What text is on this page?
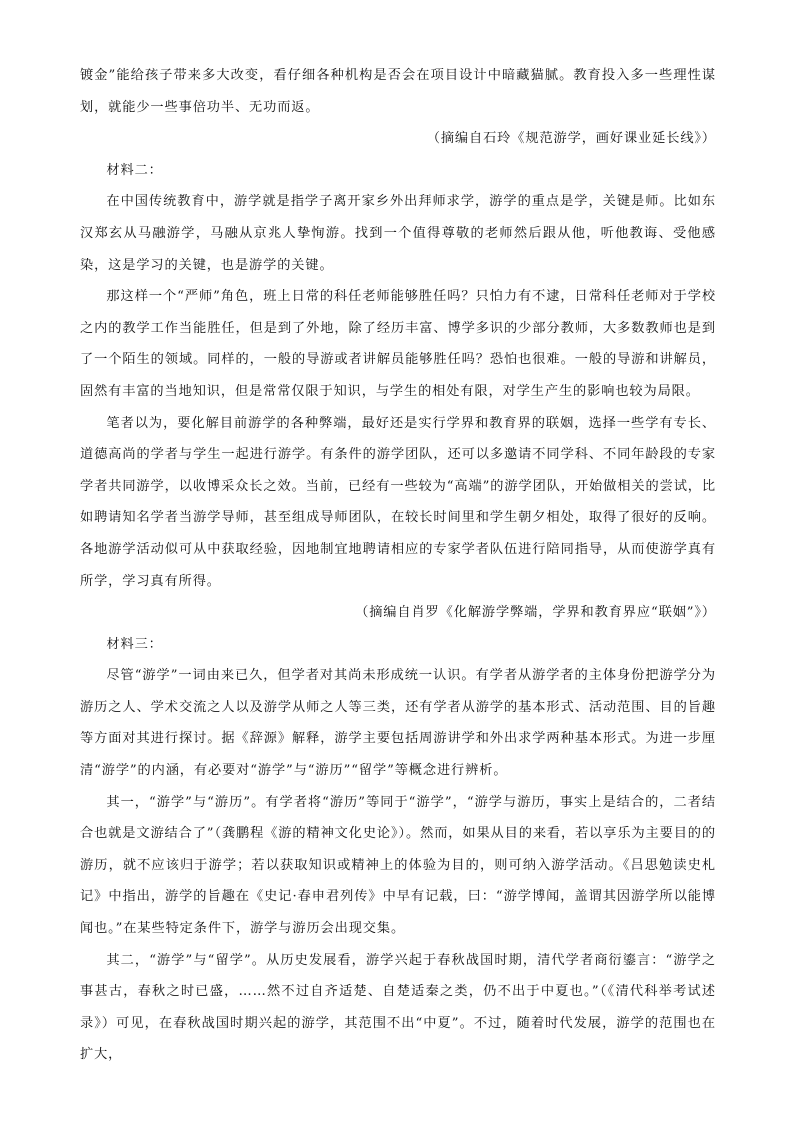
镀金”能给孩子带来多大改变，看仔细各种机构是否会在项目设计中暗藏猫腻。教育投入多一些理性谋划，就能少一些事倍功半、无功而返。

（摘编自石玲《规范游学，画好课业延长线》）

材料二：

在中国传统教育中，游学就是指学子离开家乡外出拜师求学，游学的重点是学，关键是师。比如东汉郑玄从马融游学，马融从京兆人挚恂游。找到一个值得尊敬的老师然后跟从他，听他教诲、受他感染，这是学习的关键，也是游学的关键。

那这样一个“严师”角色，班上日常的科任老师能够胜任吗？只怕力有不逮，日常科任老师对于学校之内的教学工作当能胜任，但是到了外地，除了经历丰富、博学多识的少部分教师，大多数教师也是到了一个陌生的领域。同样的，一般的导游或者讲解员能够胜任吗？恐怕也很难。一般的导游和讲解员，固然有丰富的当地知识，但是常常仅限于知识，与学生的相处有限，对学生产生的影响也较为局限。

笔者以为，要化解目前游学的各种弊端，最好还是实行学界和教育界的联姻，选择一些学有专长、道德高尚的学者与学生一起进行游学。有条件的游学团队，还可以多邀请不同学科、不同年龄段的专家学者共同游学，以收博采众长之效。当前，已经有一些较为“高端”的游学团队，开始做相关的尝试，比如聘请知名学者当游学导师，甚至组成导师团队，在较长时间里和学生朝夕相处，取得了很好的反响。各地游学活动似可从中获取经验，因地制宜地聘请相应的专家学者队伍进行陪同指导，从而使游学真有所学，学习真有所得。

（摘编自肖罗《化解游学弊端，学界和教育界应“联姻”》）

材料三：

尽管“游学”一词由来已久，但学者对其尚未形成统一认识。有学者从游学者的主体身份把游学分为游历之人、学术交流之人以及游学从师之人等三类，还有学者从游学的基本形式、活动范围、目的旨趣等方面对其进行探讨。据《辞源》解释，游学主要包括周游讲学和外出求学两种基本形式。为进一步厘清“游学”的内涵，有必要对“游学”与“游历”“留学”等概念进行辨析。

其一，“游学”与“游历”。有学者将“游历”等同于“游学”，“游学与游历，事实上是结合的，二者结合也就是文游结合了”（龚鹏程《游的精神文化史论》）。然而，如果从目的来看，若以享乐为主要目的的游历，就不应该归于游学；若以获取知识或精神上的体验为目的，则可纳入游学活动。《吕思勉读史札记》中指出，游学的旨趣在《史记·春申君列传》中早有记载，曰：“游学博闻，盖谓其因游学所以能博闻也。”在某些特定条件下，游学与游历会出现交集。

其二，“游学”与“留学”。从历史发展看，游学兴起于春秋战国时期，清代学者商衍鎏言：“游学之事甚古，春秋之时已盛，……然不过自齐适楚、自楚适秦之类，仍不出于中夏也。”（《清代科举考试述录》）可见，在春秋战国时期兴起的游学，其范围不出“中夏”。不过，随着时代发展，游学的范围也在扩大，
